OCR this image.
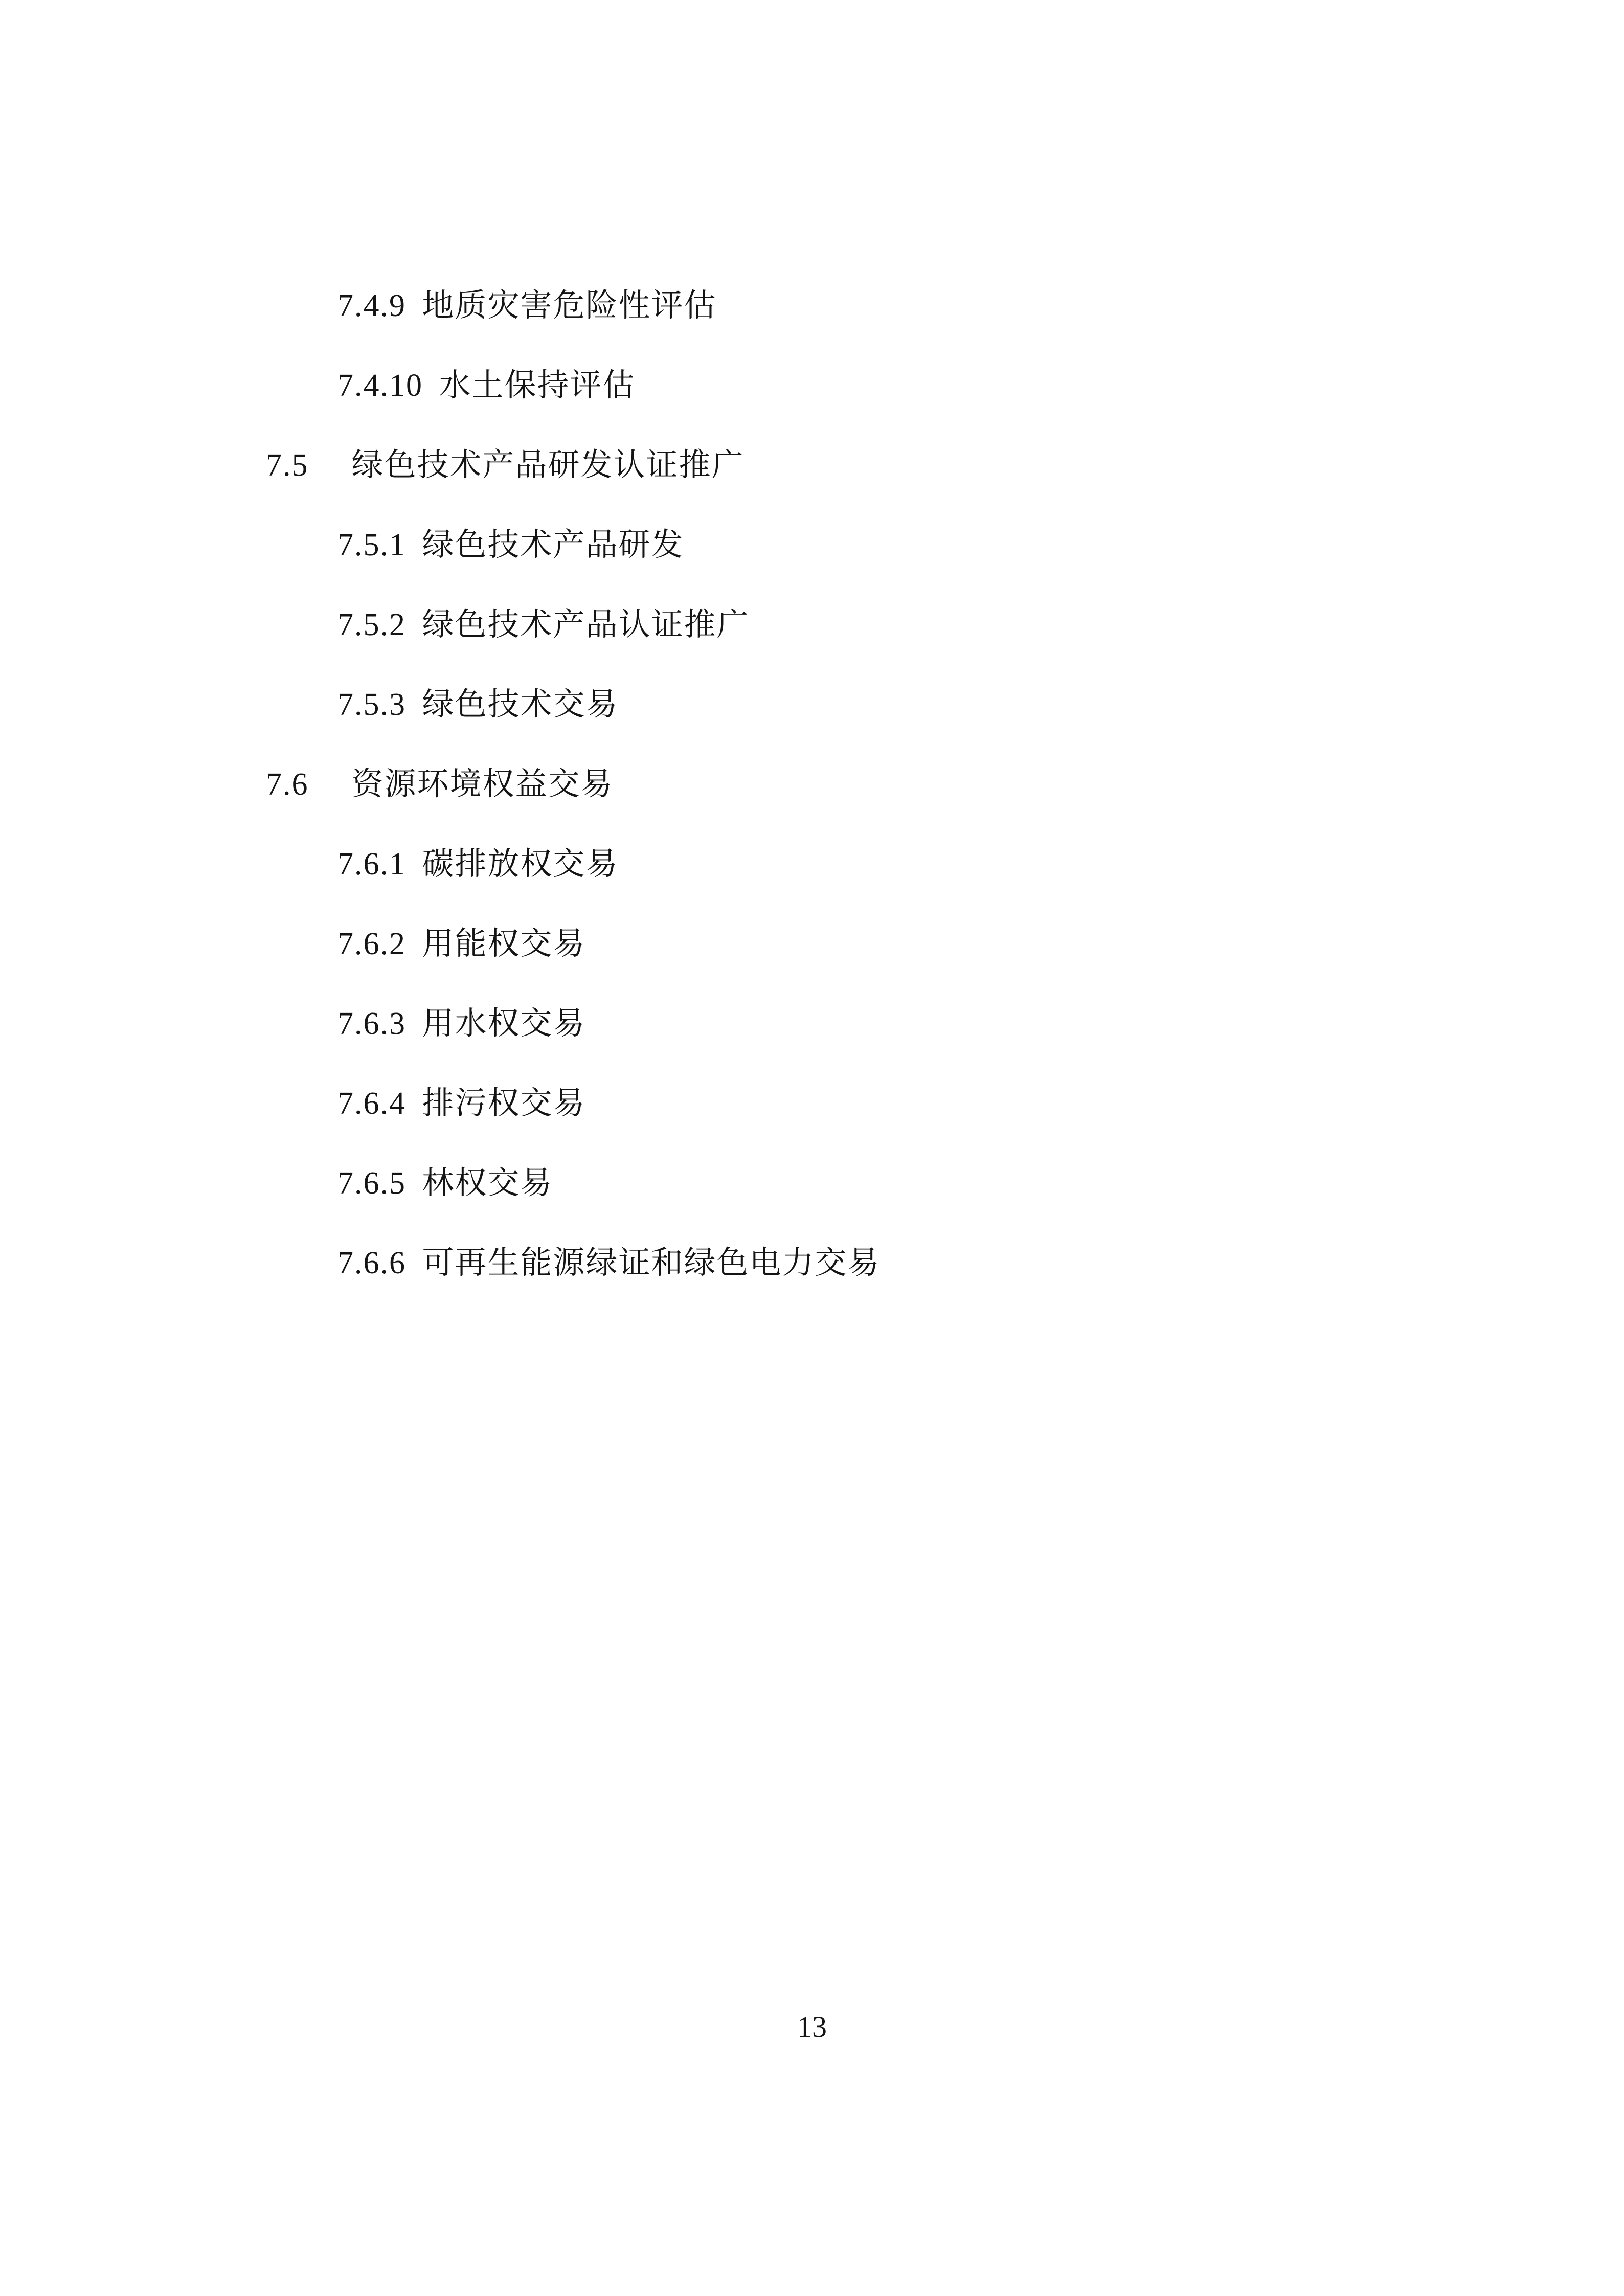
7.4.9 地质灾害危险性评估
7.4.10 水土保持评估
7.5 绿色技术产品研发认证推广
7.5.1 绿色技术产品研发
7.5.2 绿色技术产品认证推广
7.5.3 绿色技术交易
7.6 资源环境权益交易
7.6.1 碳排放权交易
7.6.2 用能权交易
7.6.3 用水权交易
7.6.4 排污权交易
7.6.5 林权交易
7.6.6 可再生能源绿证和绿色电力交易
13
